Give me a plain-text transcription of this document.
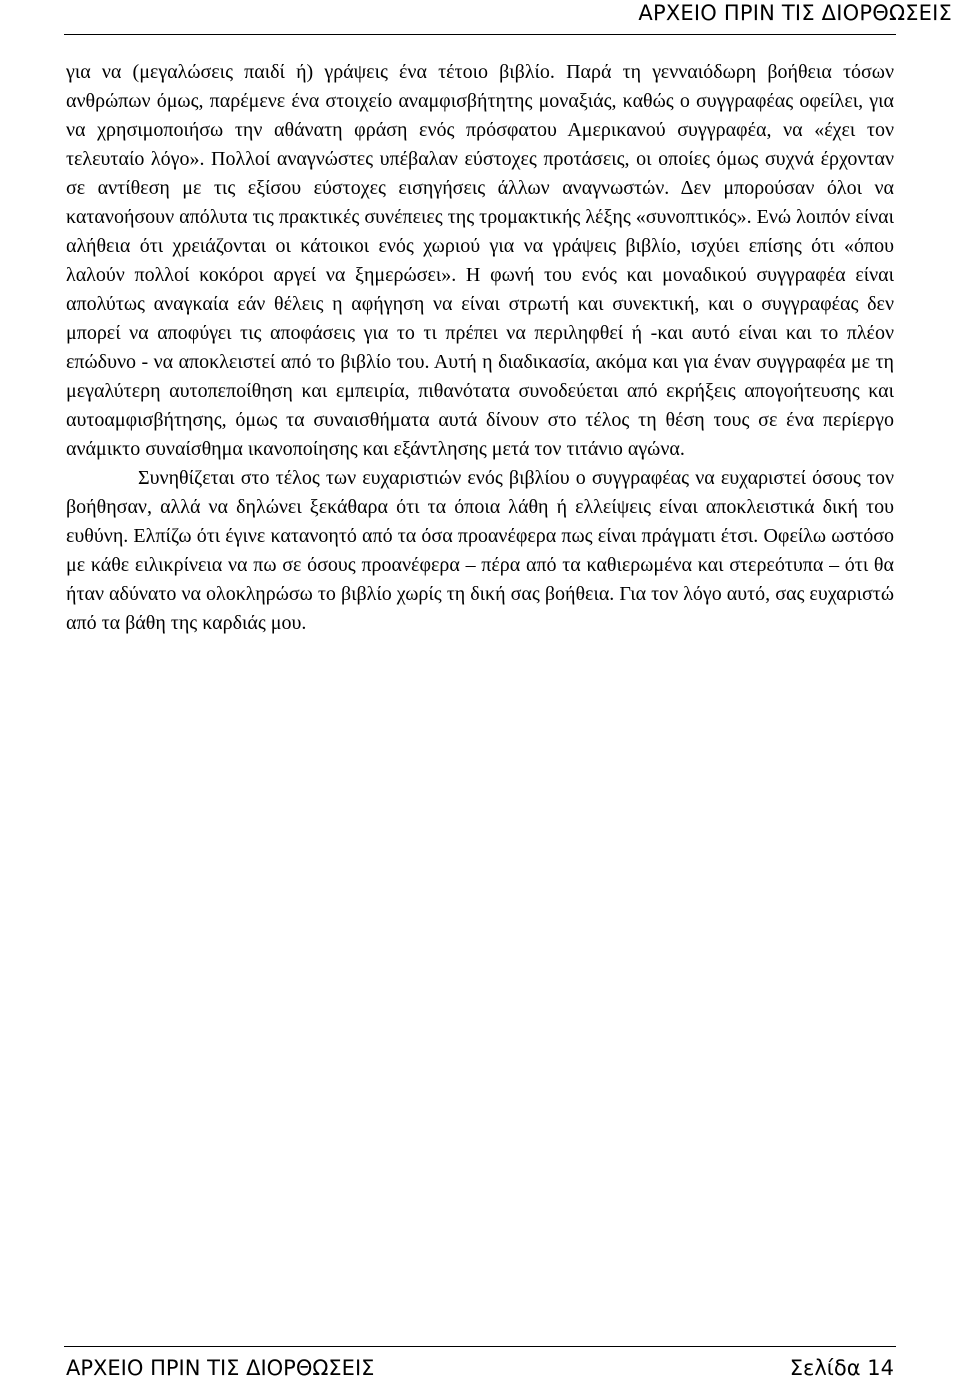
ΑΡΧΕΙΟ ΠΡΙΝ ΤΙΣ ΔΙΟΡΘΩΣΕΙΣ

για να (μεγαλώσεις παιδί ή) γράψεις ένα τέτοιο βιβλίο. Παρά τη γενναιόδωρη βοήθεια τόσων ανθρώπων όμως, παρέμενε ένα στοιχείο αναμφισβήτητης μοναξιάς, καθώς ο συγγραφέας οφείλει, για να χρησιμοποιήσω την αθάνατη φράση ενός πρόσφατου Αμερικανού συγγραφέα, να «έχει τον τελευταίο λόγο». Πολλοί αναγνώστες υπέβαλαν εύστοχες προτάσεις, οι οποίες όμως συχνά έρχονταν σε αντίθεση με τις εξίσου εύστοχες εισηγήσεις άλλων αναγνωστών. Δεν μπορούσαν όλοι να κατανοήσουν απόλυτα τις πρακτικές συνέπειες της τρομακτικής λέξης «συνοπτικός». Ενώ λοιπόν είναι αλήθεια ότι χρειάζονται οι κάτοικοι ενός χωριού για να γράψεις βιβλίο, ισχύει επίσης ότι «όπου λαλούν πολλοί κοκόροι αργεί να ξημερώσει». Η φωνή του ενός και μοναδικού συγγραφέα είναι απολύτως αναγκαία εάν θέλεις η αφήγηση να είναι στρωτή και συνεκτική, και ο συγγραφέας δεν μπορεί να αποφύγει τις αποφάσεις για το τι πρέπει να περιληφθεί ή -και αυτό είναι και το πλέον επώδυνο - να αποκλειστεί από το βιβλίο του. Αυτή η διαδικασία, ακόμα και για έναν συγγραφέα με τη μεγαλύτερη αυτοπεποίθηση και εμπειρία, πιθανότατα συνοδεύεται από εκρήξεις απογοήτευσης και αυτοαμφισβήτησης, όμως τα συναισθήματα αυτά δίνουν στο τέλος τη θέση τους σε ένα περίεργο ανάμικτο συναίσθημα ικανοποίησης και εξάντλησης μετά τον τιτάνιο αγώνα.

Συνηθίζεται στο τέλος των ευχαριστιών ενός βιβλίου ο συγγραφέας να ευχαριστεί όσους τον βοήθησαν, αλλά να δηλώνει ξεκάθαρα ότι τα όποια λάθη ή ελλείψεις είναι αποκλειστικά δική του ευθύνη. Ελπίζω ότι έγινε κατανοητό από τα όσα προανέφερα πως είναι πράγματι έτσι. Οφείλω ωστόσο με κάθε ειλικρίνεια να πω σε όσους προανέφερα – πέρα από τα καθιερωμένα και στερεότυπα – ότι θα ήταν αδύνατο να ολοκληρώσω το βιβλίο χωρίς τη δική σας βοήθεια. Για τον λόγο αυτό, σας ευχαριστώ από τα βάθη της καρδιάς μου.

ΑΡΧΕΙΟ ΠΡΙΝ ΤΙΣ ΔΙΟΡΘΩΣΕΙΣ	Σελίδα 14
